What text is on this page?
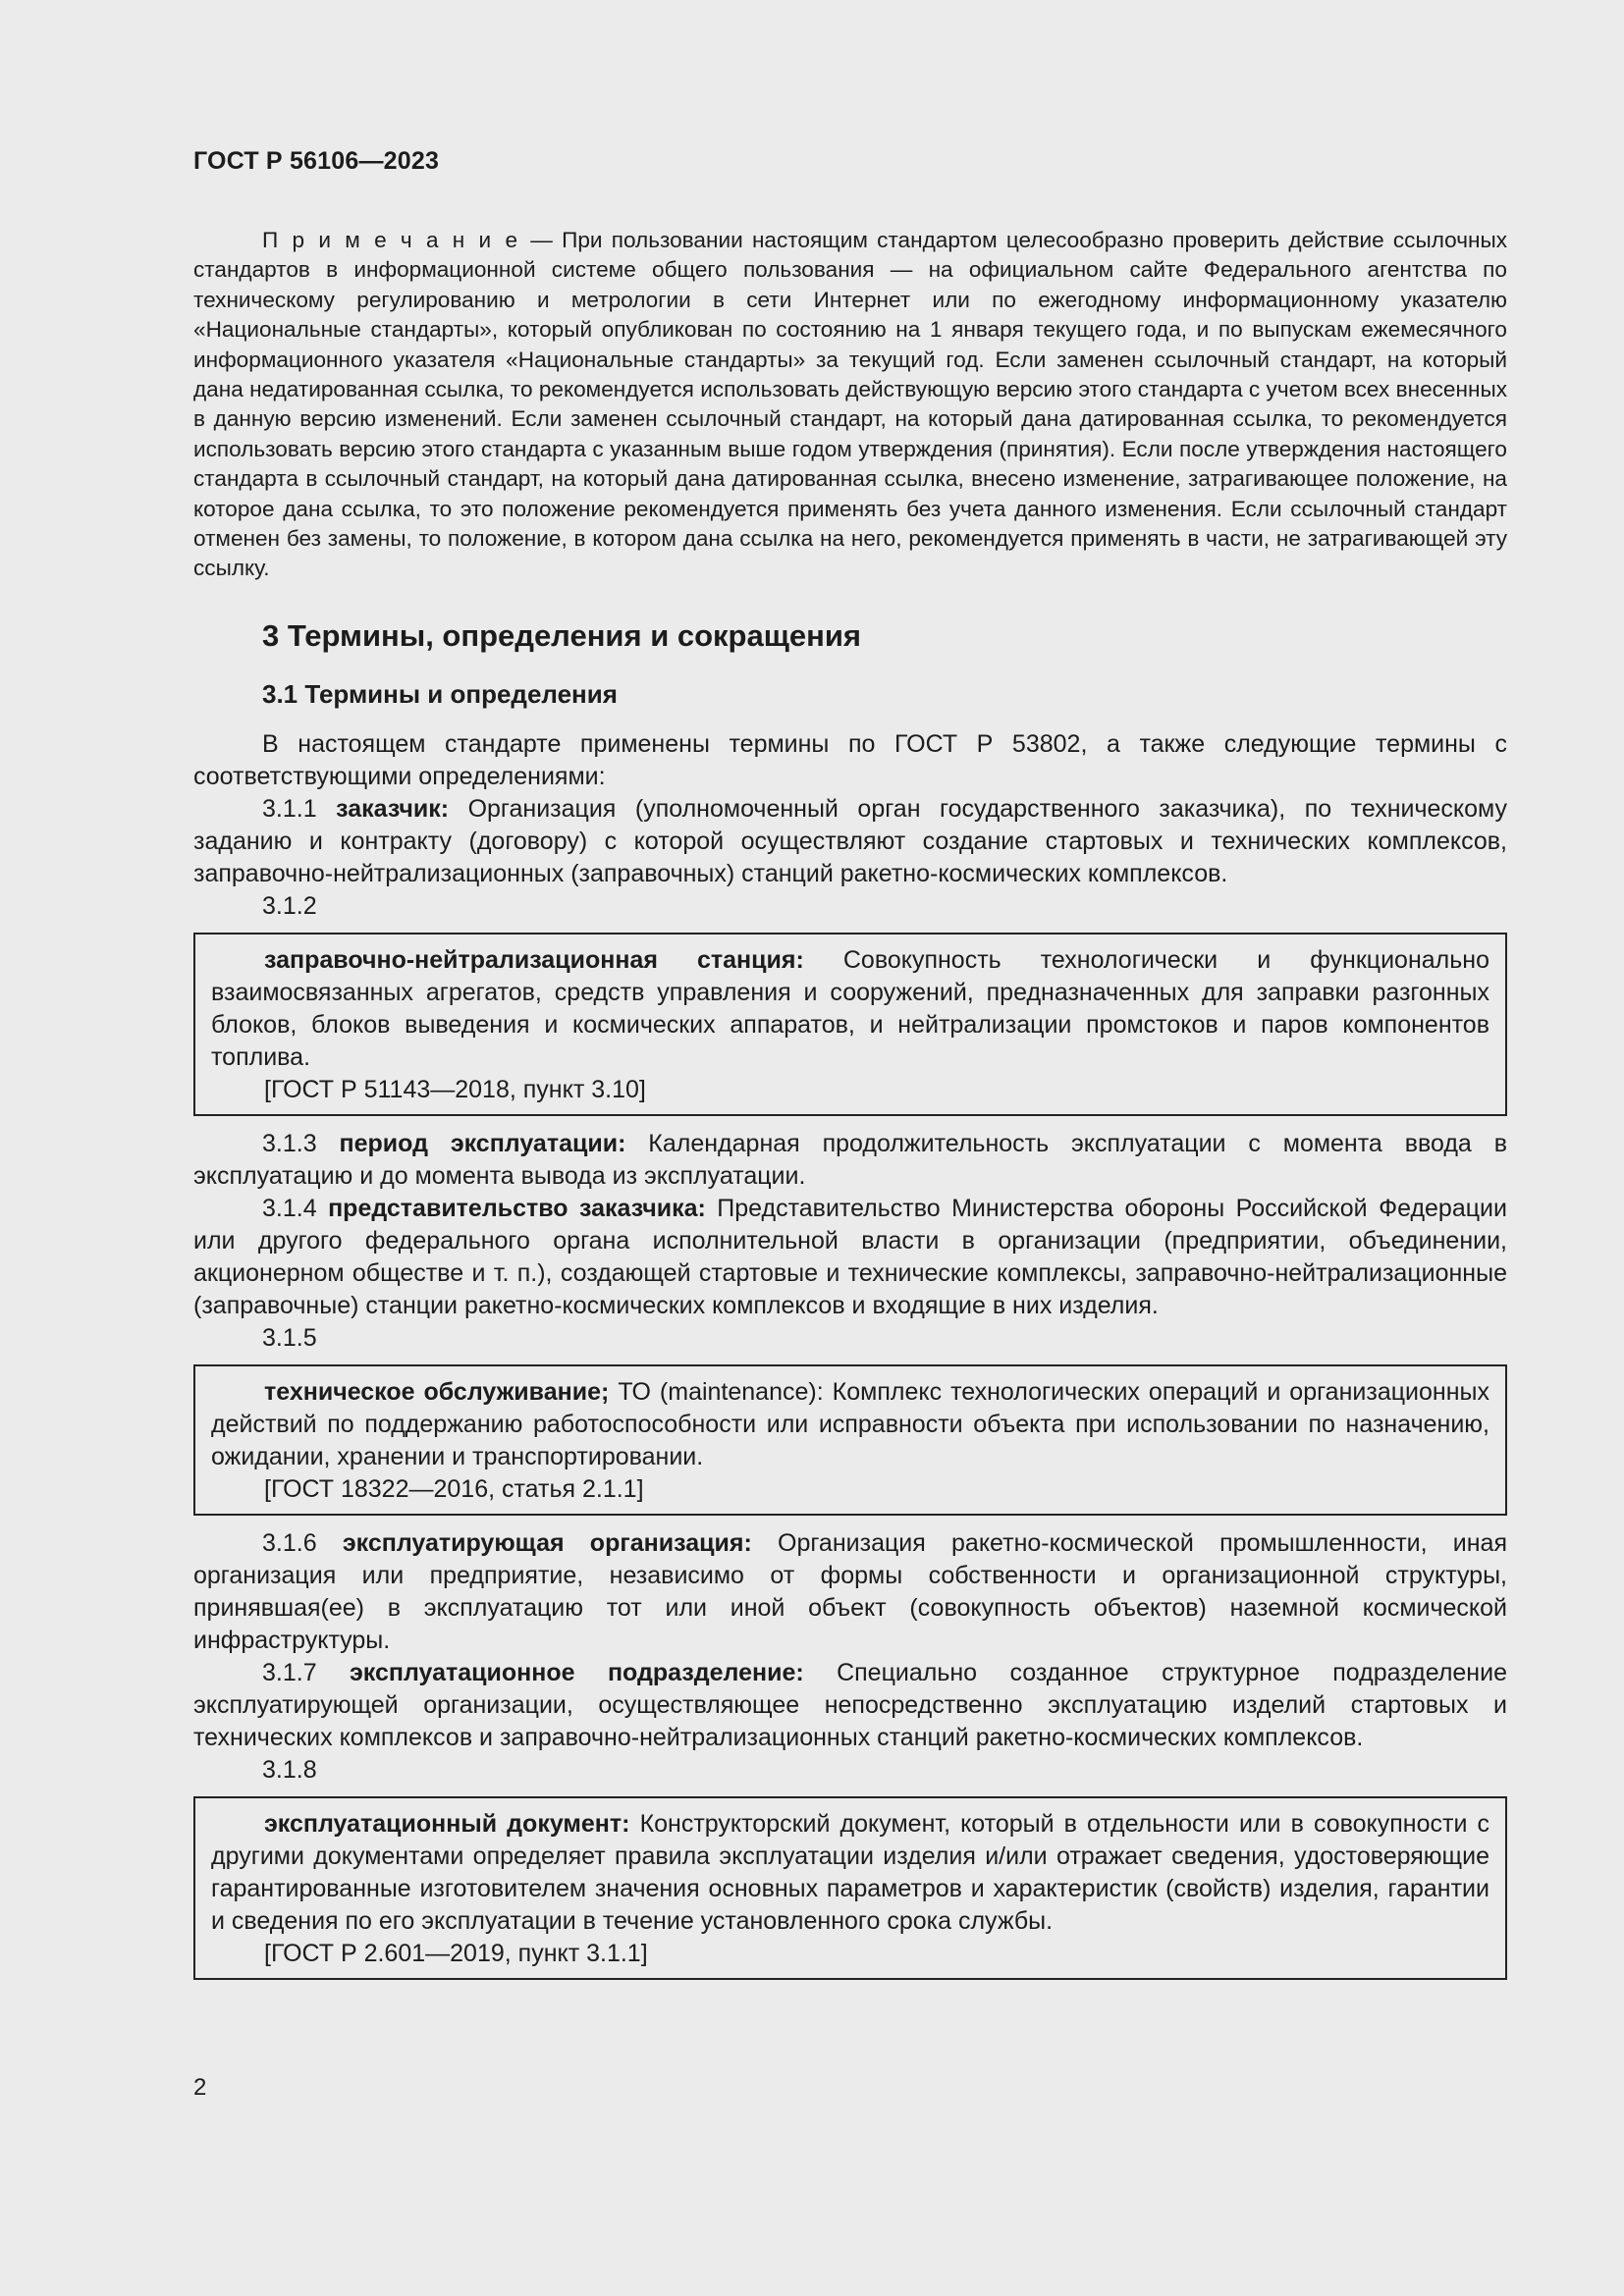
ГОСТ Р 56106—2023
П р и м е ч а н и е — При пользовании настоящим стандартом целесообразно проверить действие ссылочных стандартов в информационной системе общего пользования — на официальном сайте Федерального агентства по техническому регулированию и метрологии в сети Интернет или по ежегодному информационному указателю «Национальные стандарты», который опубликован по состоянию на 1 января текущего года, и по выпускам ежемесячного информационного указателя «Национальные стандарты» за текущий год. Если заменен ссылочный стандарт, на который дана недатированная ссылка, то рекомендуется использовать действующую версию этого стандарта с учетом всех внесенных в данную версию изменений. Если заменен ссылочный стандарт, на который дана датированная ссылка, то рекомендуется использовать версию этого стандарта с указанным выше годом утверждения (принятия). Если после утверждения настоящего стандарта в ссылочный стандарт, на который дана датированная ссылка, внесено изменение, затрагивающее положение, на которое дана ссылка, то это положение рекомендуется применять без учета данного изменения. Если ссылочный стандарт отменен без замены, то положение, в котором дана ссылка на него, рекомендуется применять в части, не затрагивающей эту ссылку.
3 Термины, определения и сокращения
3.1 Термины и определения

В настоящем стандарте применены термины по ГОСТ Р 53802, а также следующие термины с соответствующими определениями:

3.1.1 заказчик: Организация (уполномоченный орган государственного заказчика), по техническому заданию и контракту (договору) с которой осуществляют создание стартовых и технических комплексов, заправочно-нейтрализационных (заправочных) станций ракетно-космических комплексов.

3.1.2

заправочно-нейтрализационная станция: Совокупность технологически и функционально взаимосвязанных агрегатов, средств управления и сооружений, предназначенных для заправки разгонных блоков, блоков выведения и космических аппаратов, и нейтрализации промстоков и паров компонентов топлива.

[ГОСТ Р 51143—2018, пункт 3.10]

3.1.3 период эксплуатации: Календарная продолжительность эксплуатации с момента ввода в эксплуатацию и до момента вывода из эксплуатации.

3.1.4 представительство заказчика: Представительство Министерства обороны Российской Федерации или другого федерального органа исполнительной власти в организации (предприятии, объединении, акционерном обществе и т. п.), создающей стартовые и технические комплексы, заправочно-нейтрализационные (заправочные) станции ракетно-космических комплексов и входящие в них изделия.

3.1.5

техническое обслуживание; ТО (maintenance): Комплекс технологических операций и организационных действий по поддержанию работоспособности или исправности объекта при использовании по назначению, ожидании, хранении и транспортировании.

[ГОСТ 18322—2016, статья 2.1.1]

3.1.6 эксплуатирующая организация: Организация ракетно-космической промышленности, иная организация или предприятие, независимо от формы собственности и организационной структуры, принявшая(ее) в эксплуатацию тот или иной объект (совокупность объектов) наземной космической инфраструктуры.

3.1.7 эксплуатационное подразделение: Специально созданное структурное подразделение эксплуатирующей организации, осуществляющее непосредственно эксплуатацию изделий стартовых и технических комплексов и заправочно-нейтрализационных станций ракетно-космических комплексов.

3.1.8

эксплуатационный документ: Конструкторский документ, который в отдельности или в совокупности с другими документами определяет правила эксплуатации изделия и/или отражает сведения, удостоверяющие гарантированные изготовителем значения основных параметров и характеристик (свойств) изделия, гарантии и сведения по его эксплуатации в течение установленного срока службы.

[ГОСТ Р 2.601—2019, пункт 3.1.1]

2
